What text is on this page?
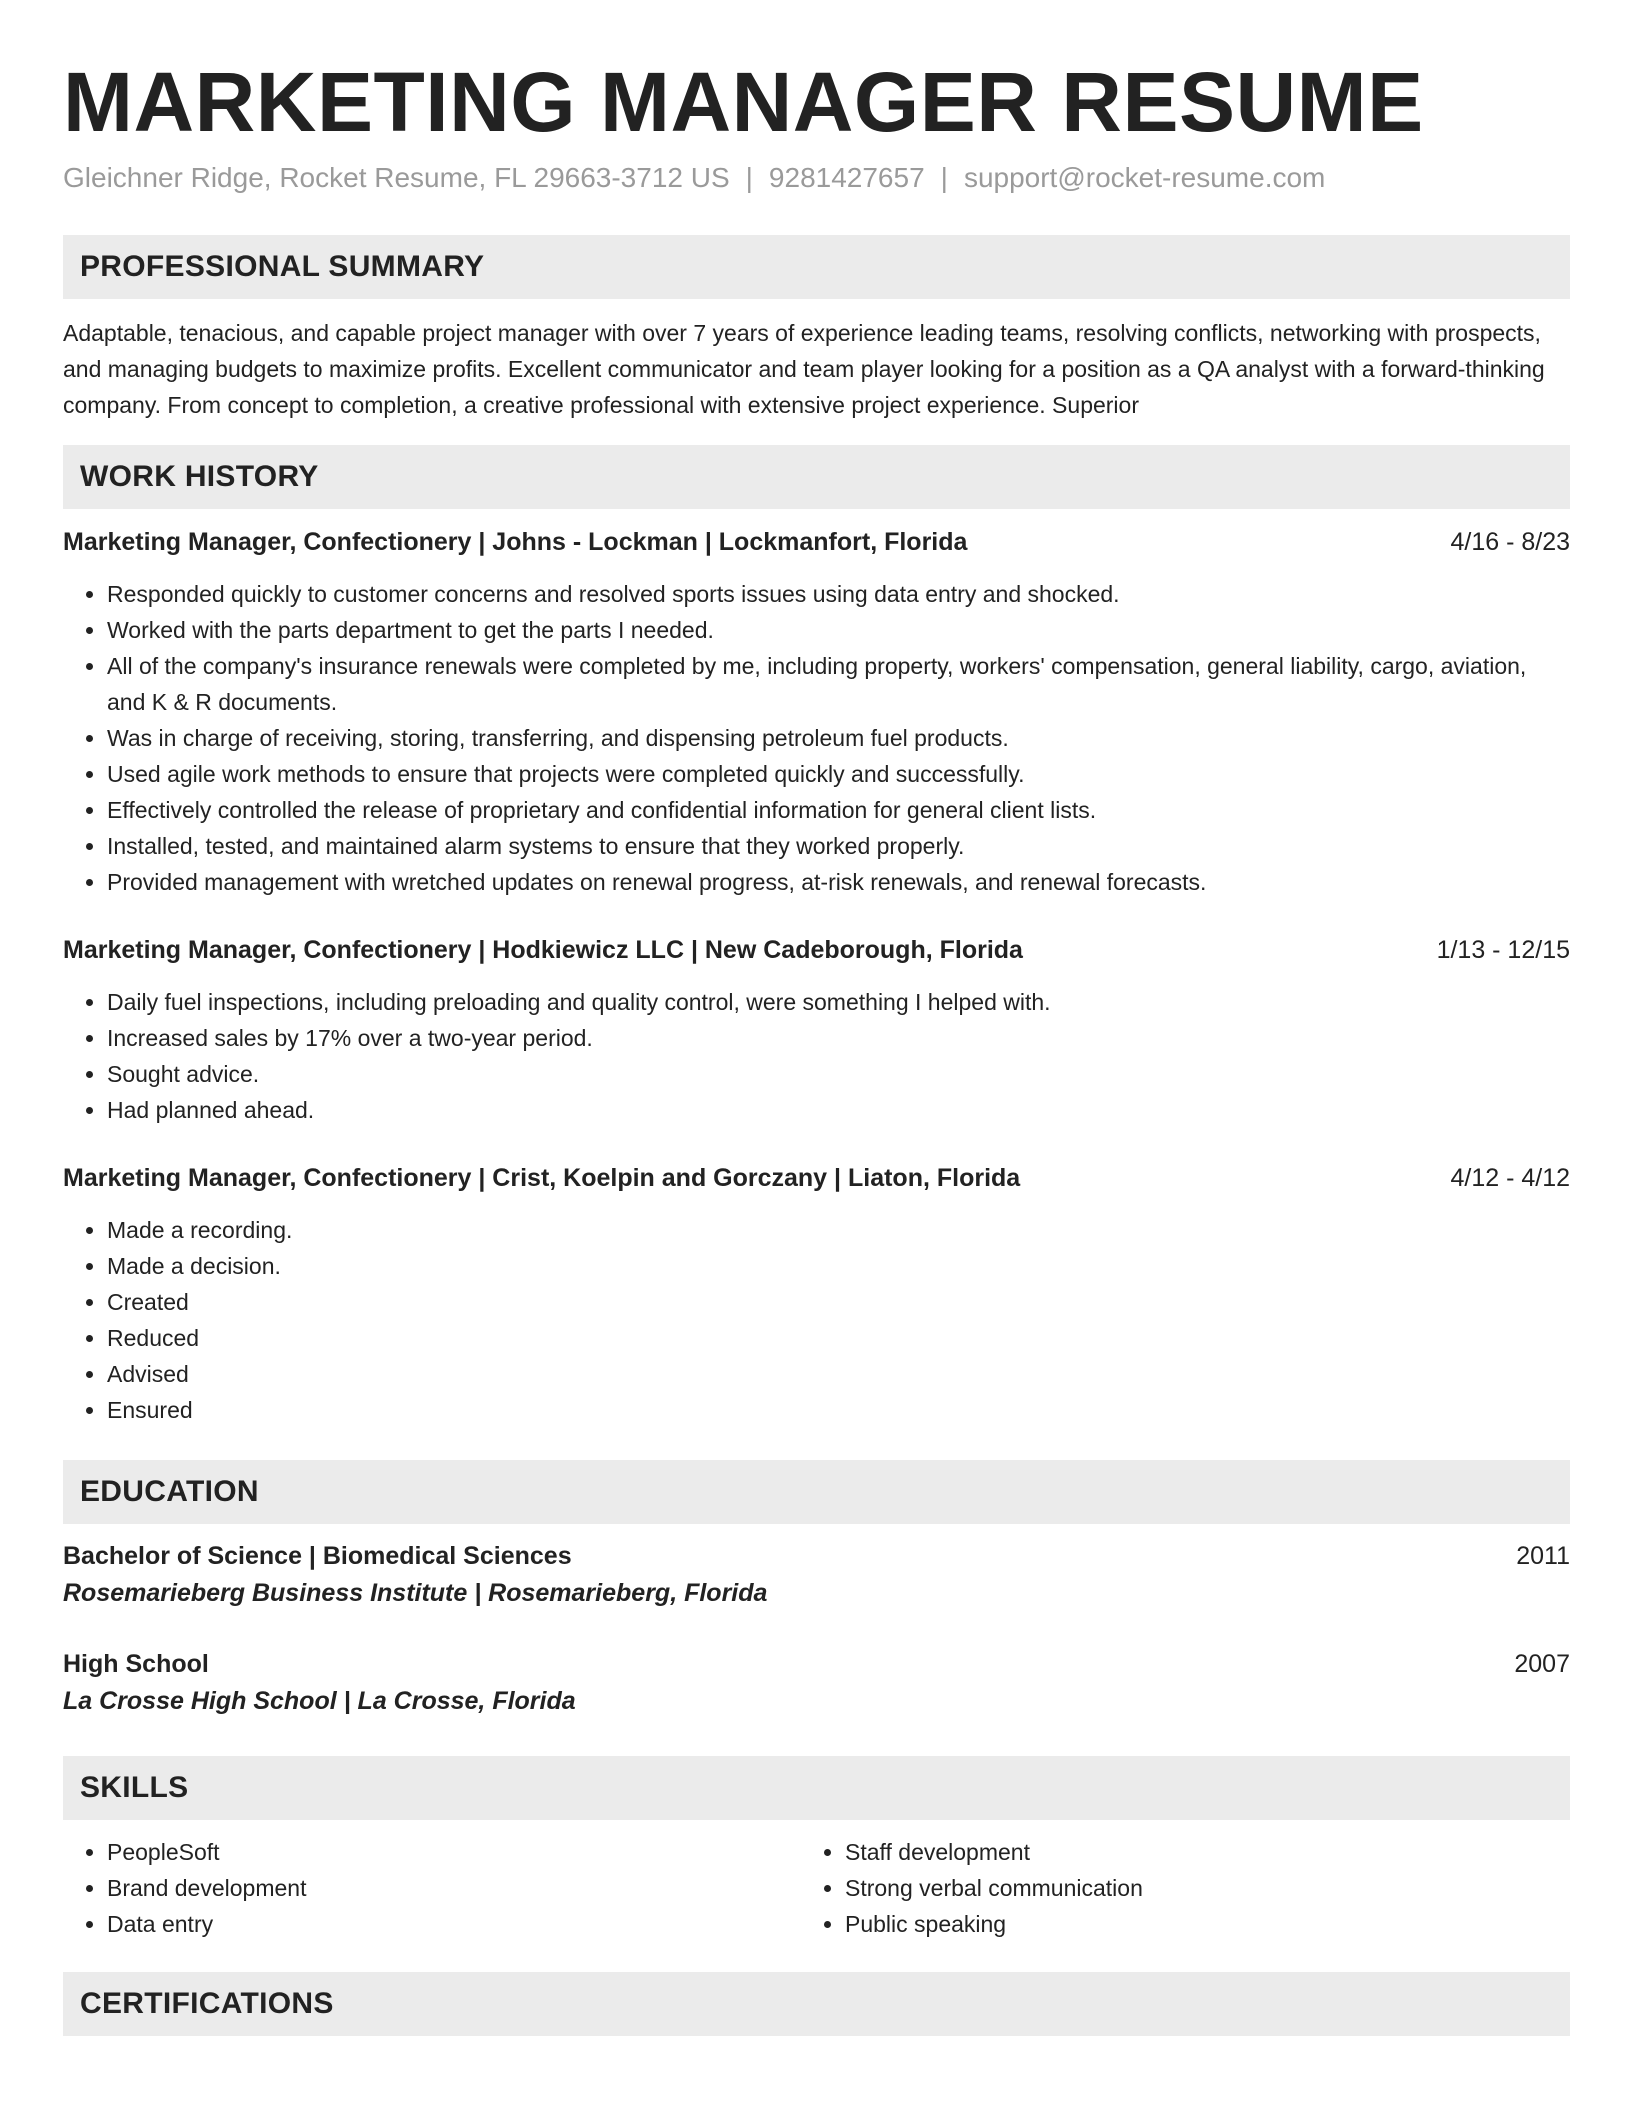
MARKETING MANAGER RESUME
Gleichner Ridge, Rocket Resume, FL 29663-3712 US | 9281427657 | support@rocket-resume.com
PROFESSIONAL SUMMARY

Adaptable, tenacious, and capable project manager with over 7 years of experience leading teams, resolving conflicts, networking with prospects, and managing budgets to maximize profits. Excellent communicator and team player looking for a position as a QA analyst with a forward-thinking company. From concept to completion, a creative professional with extensive project experience. Superior

WORK HISTORY
Marketing Manager, Confectionery | Johns - Lockman | Lockmanfort, Florida	4/16 - 8/23
• Responded quickly to customer concerns and resolved sports issues using data entry and shocked.
• Worked with the parts department to get the parts I needed.
• All of the company's insurance renewals were completed by me, including property, workers' compensation, general liability, cargo, aviation, and K & R documents.
• Was in charge of receiving, storing, transferring, and dispensing petroleum fuel products.
• Used agile work methods to ensure that projects were completed quickly and successfully.
• Effectively controlled the release of proprietary and confidential information for general client lists.
• Installed, tested, and maintained alarm systems to ensure that they worked properly.
• Provided management with wretched updates on renewal progress, at-risk renewals, and renewal forecasts.
Marketing Manager, Confectionery | Hodkiewicz LLC | New Cadeborough, Florida	1/13 - 12/15
• Daily fuel inspections, including preloading and quality control, were something I helped with.
• Increased sales by 17% over a two-year period.
• Sought advice.
• Had planned ahead.
Marketing Manager, Confectionery | Crist, Koelpin and Gorczany | Liaton, Florida	4/12 - 4/12
• Made a recording.
• Made a decision.
• Created
• Reduced
• Advised
• Ensured
EDUCATION
Bachelor of Science | Biomedical Sciences	2011
Rosemarieberg Business Institute | Rosemarieberg, Florida
High School	2007
La Crosse High School | La Crosse, Florida
SKILLS
• PeopleSoft
• Brand development
• Data entry
• Staff development
• Strong verbal communication
• Public speaking
CERTIFICATIONS
